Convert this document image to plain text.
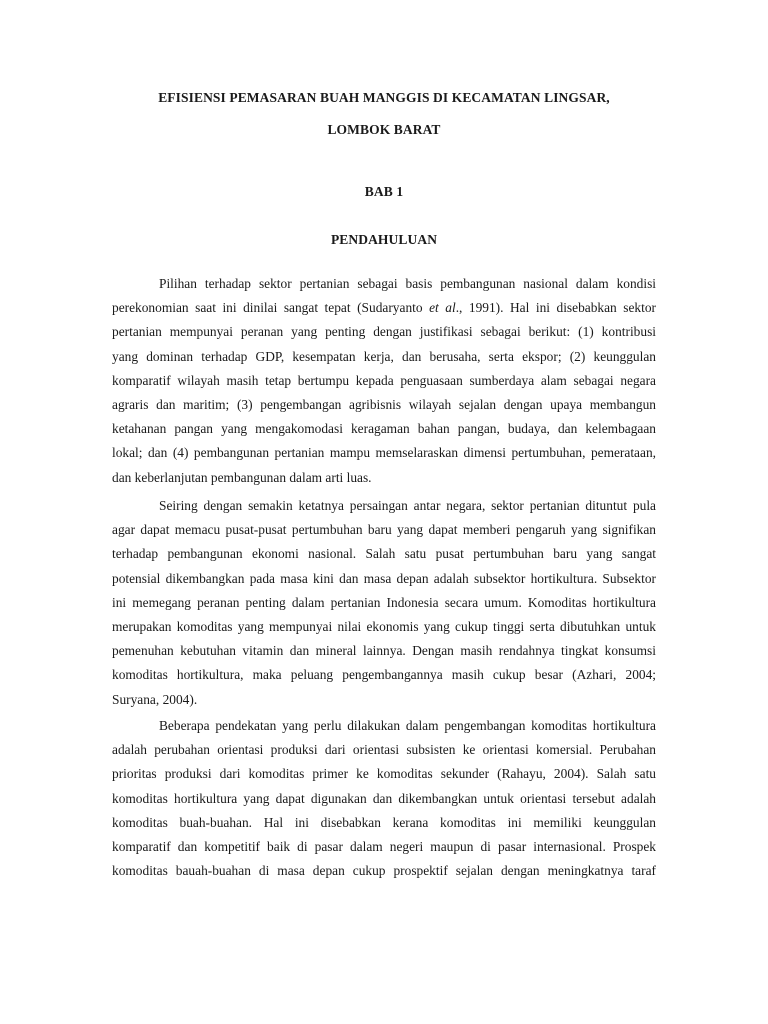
EFISIENSI PEMASARAN BUAH MANGGIS DI KECAMATAN LINGSAR,
LOMBOK BARAT
BAB 1
PENDAHULUAN
Pilihan terhadap sektor pertanian sebagai basis pembangunan nasional dalam kondisi
perekonomian saat ini dinilai sangat tepat (Sudaryanto et al., 1991). Hal ini disebabkan sektor
pertanian mempunyai peranan yang penting dengan justifikasi sebagai berikut: (1) kontribusi
yang dominan terhadap GDP, kesempatan kerja, dan berusaha, serta ekspor; (2) keunggulan
komparatif wilayah masih tetap bertumpu kepada penguasaan sumberdaya alam sebagai negara
agraris dan maritim; (3) pengembangan agribisnis wilayah sejalan dengan upaya membangun
ketahanan pangan yang mengakomodasi keragaman bahan pangan, budaya, dan kelembagaan
lokal; dan (4) pembangunan pertanian mampu memselaraskan dimensi pertumbuhan, pemerataan,
dan keberlanjutan pembangunan dalam arti luas.
Seiring dengan semakin ketatnya persaingan antar negara, sektor pertanian dituntut pula
agar dapat memacu pusat-pusat pertumbuhan baru yang dapat memberi pengaruh yang signifikan
terhadap pembangunan ekonomi nasional. Salah satu pusat pertumbuhan baru yang sangat
potensial dikembangkan pada masa kini dan masa depan adalah subsektor hortikultura. Subsektor
ini memegang peranan penting dalam pertanian Indonesia secara umum. Komoditas hortikultura
merupakan komoditas yang mempunyai nilai ekonomis yang cukup tinggi serta dibutuhkan untuk
pemenuhan kebutuhan vitamin dan mineral lainnya. Dengan masih rendahnya tingkat konsumsi
komoditas hortikultura, maka peluang pengembangannya masih cukup besar (Azhari, 2004;
Suryana, 2004).
Beberapa pendekatan yang perlu dilakukan dalam pengembangan komoditas hortikultura
adalah perubahan orientasi produksi dari orientasi subsisten ke orientasi komersial. Perubahan
prioritas produksi dari komoditas primer ke komoditas sekunder (Rahayu, 2004). Salah satu
komoditas hortikultura yang dapat digunakan dan dikembangkan untuk orientasi tersebut adalah
komoditas buah-buahan. Hal ini disebabkan kerana komoditas ini memiliki keunggulan
komparatif dan kompetitif baik di pasar dalam negeri maupun di pasar internasional. Prospek
komoditas bauah-buahan di masa depan cukup prospektif sejalan dengan meningkatnya taraf
